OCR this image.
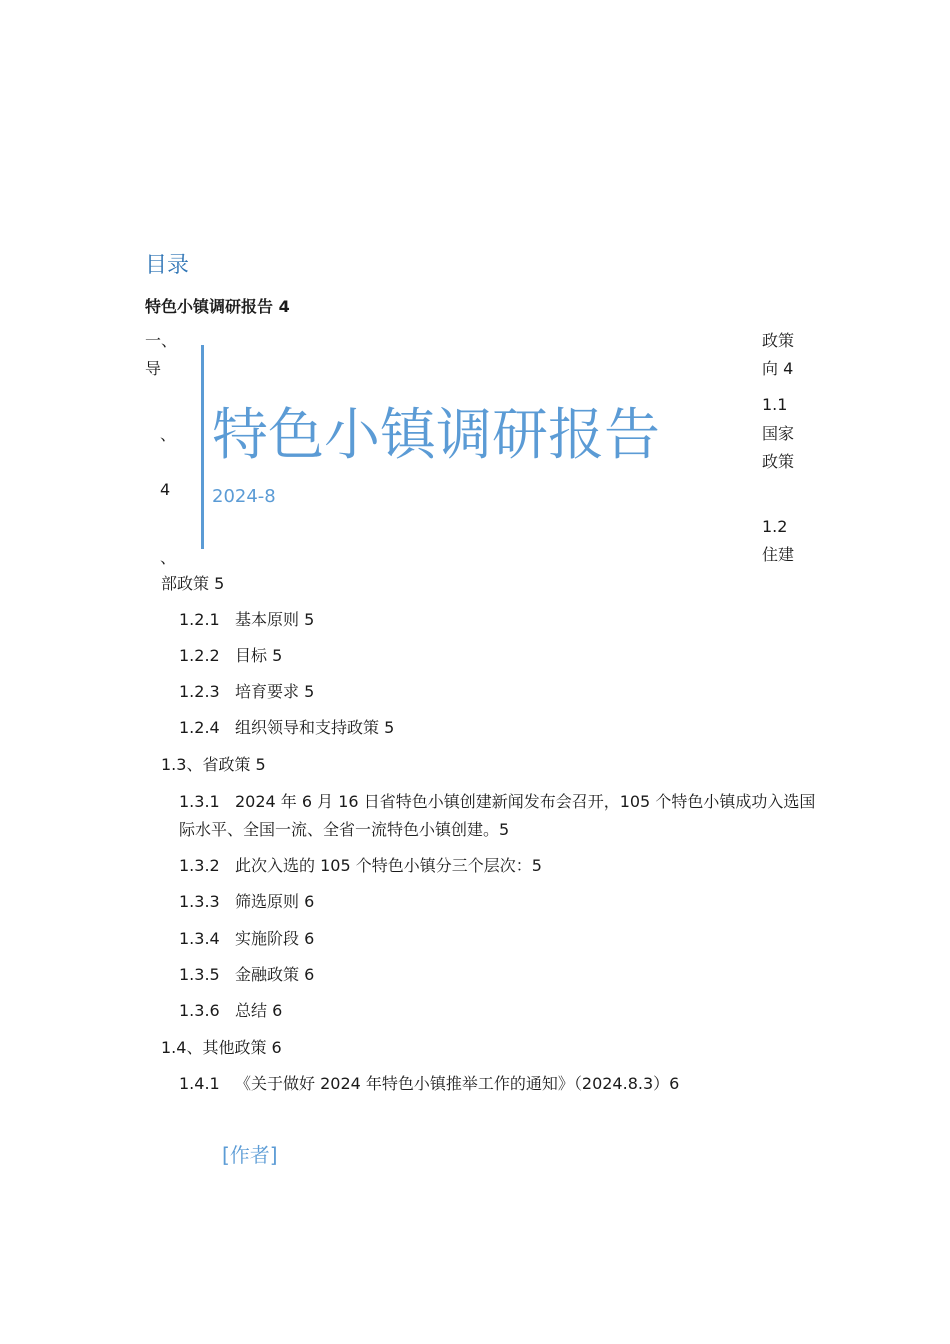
目录
特色小镇调研报告 4
一、
导
、
4
、
部政策 5
特色小镇调研报告
2024-8
政策
向 4
1.1
国家
政策
1.2
住建
1.2.1 基本原则 5
1.2.2 目标 5
1.2.3 培育要求 5
1.2.4 组织领导和支持政策 5
1.3、省政策 5
1.3.1 2024 年 6 月 16 日省特色小镇创建新闻发布会召开，105 个特色小镇成功入选国际水平、全国一流、全省一流特色小镇创建。5
1.3.2 此次入选的 105 个特色小镇分三个层次：5
1.3.3 筛选原则 6
1.3.4 实施阶段 6
1.3.5 金融政策 6
1.3.6 总结 6
1.4、其他政策 6
1.4.1 《关于做好 2024 年特色小镇推举工作的通知》（2024.8.3）6
[作者]
